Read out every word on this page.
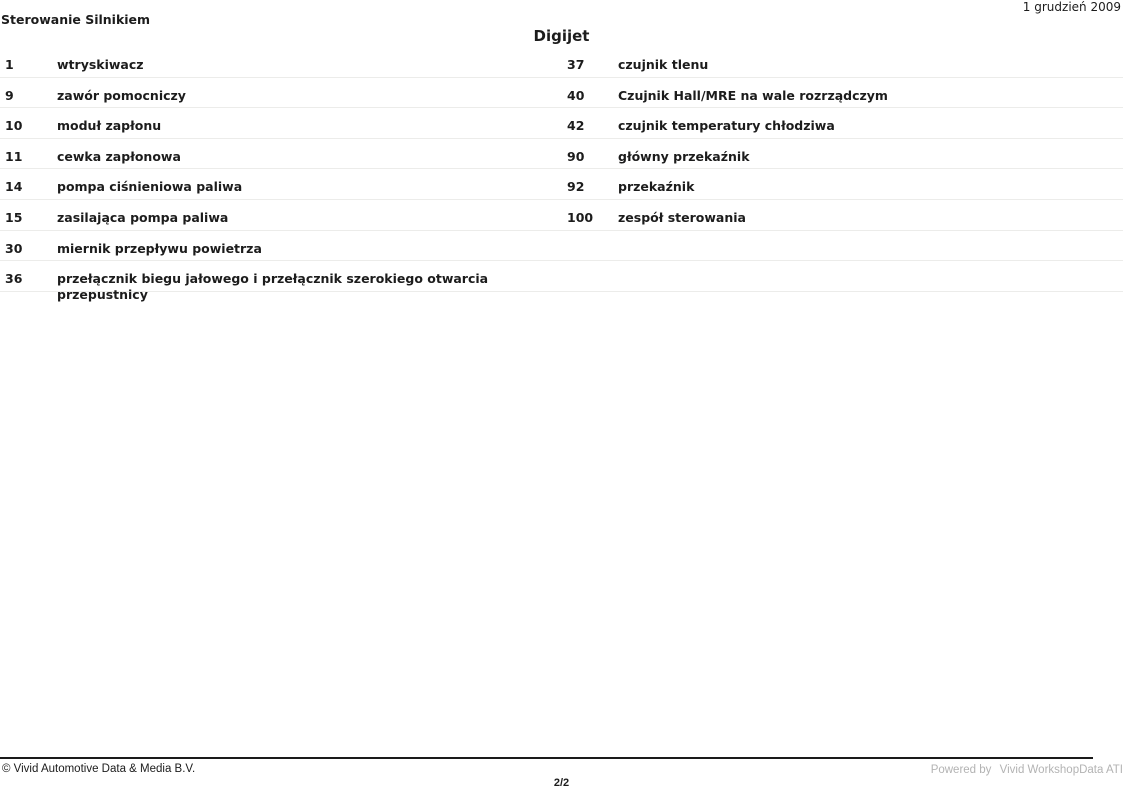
1 grudzień 2009
Sterowanie Silnikiem
Digijet
1	wtryskiwacz	37	czujnik tlenu
9	zawór pomocniczy	40	Czujnik Hall/MRE na wale rozrządczym
10	moduł zapłonu	42	czujnik temperatury chłodziwa
11	cewka zapłonowa	90	główny przekaźnik
14	pompa ciśnieniowa paliwa	92	przekaźnik
15	zasilająca pompa paliwa	100	zespół sterowania
30	miernik przepływu powietrza
36	przełącznik biegu jałowego i przełącznik szerokiego otwarcia przepustnicy
© Vivid Automotive Data & Media B.V.	Powered by Vivid WorkshopData ATI
2/2
